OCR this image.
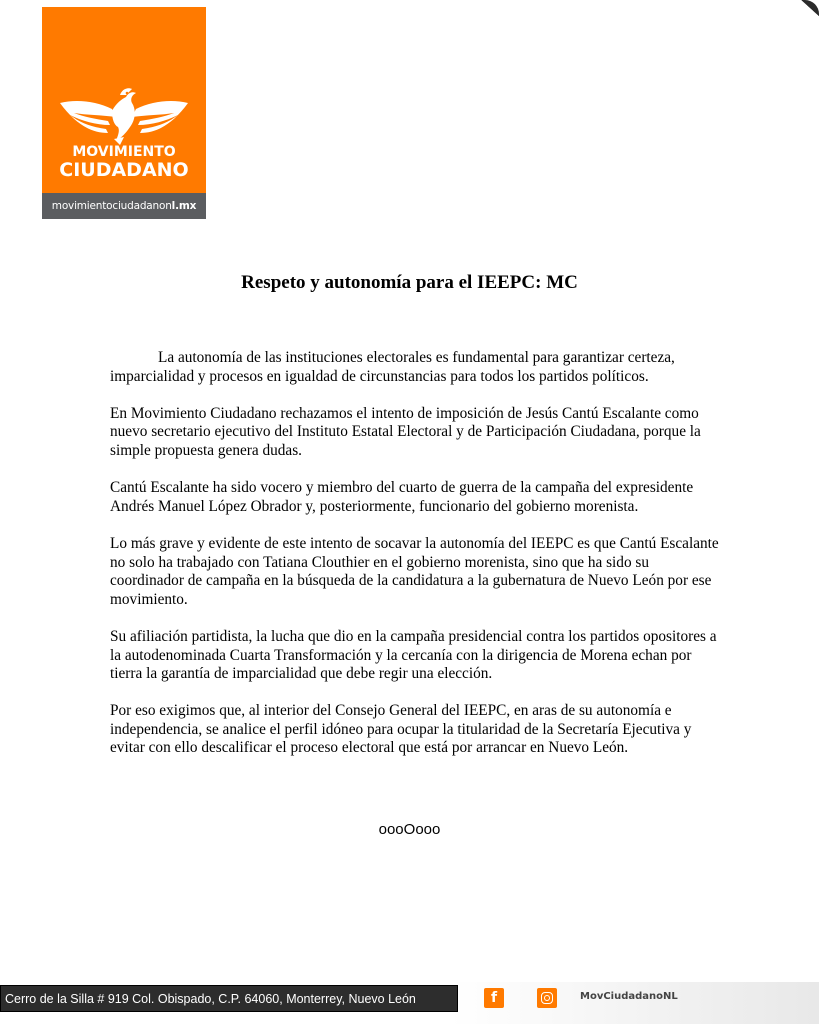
MOVIMIENTO
CIUDADANO
movimientociudadanonl.mx
Respeto y autonomía para el IEEPC: MC

La autonomía de las instituciones electorales es fundamental para garantizar certeza, imparcialidad y procesos en igualdad de circunstancias para todos los partidos políticos.

En Movimiento Ciudadano rechazamos el intento de imposición de Jesús Cantú Escalante como nuevo secretario ejecutivo del Instituto Estatal Electoral y de Participación Ciudadana, porque la simple propuesta genera dudas.

Cantú Escalante ha sido vocero y miembro del cuarto de guerra de la campaña del expresidente Andrés Manuel López Obrador y, posteriormente, funcionario del gobierno morenista.

Lo más grave y evidente de este intento de socavar la autonomía del IEEPC es que Cantú Escalante no solo ha trabajado con Tatiana Clouthier en el gobierno morenista, sino que ha sido su coordinador de campaña en la búsqueda de la candidatura a la gubernatura de Nuevo León por ese movimiento.

Su afiliación partidista, la lucha que dio en la campaña presidencial contra los partidos opositores a la autodenominada Cuarta Transformación y la cercanía con la dirigencia de Morena echan por tierra la garantía de imparcialidad que debe regir una elección.

Por eso exigimos que, al interior del Consejo General del IEEPC, en aras de su autonomía e independencia, se analice el perfil idóneo para ocupar la titularidad de la Secretaría Ejecutiva y evitar con ello descalificar el proceso electoral que está por arrancar en Nuevo León.

oooOooo
Cerro de la Silla # 919 Col. Obispado, C.P. 64060, Monterrey, Nuevo León	f	MovCiudadanoNL
